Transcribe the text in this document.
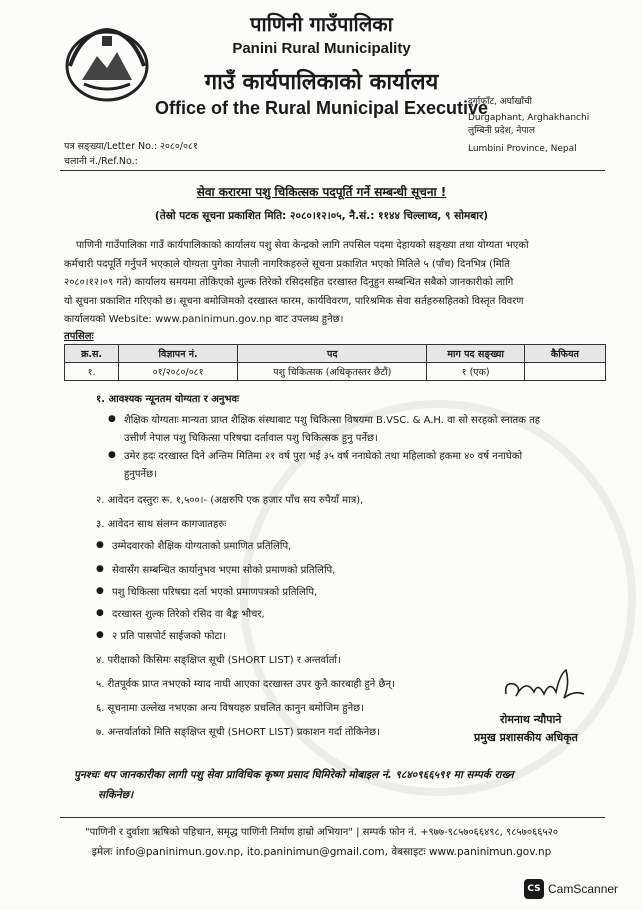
पाणिनी गाउँपालिका
Panini Rural Municipality
गाउँ कार्यपालिकाको कार्यालय
Office of the Rural Municipal Executive
दुर्गाफाँट, अर्घाखाँची
Durgaphant, Arghakhanchi
लुम्बिनी प्रदेश, नेपाल
Lumbini Province, Nepal
पत्र सङ्ख्या/Letter No.: २०८०/०८१
चलानी नं./Ref.No.:
सेवा करारमा पशु चिकित्सक पदपूर्ति गर्ने सम्बन्धी सूचना !
(तेस्रो पटक सूचना प्रकाशित मिति: २०८०।१२।०५, नै.सं.: ११४४ चिल्लाथ्व, ९ सोमबार)
पाणिनी गाउँपालिका गाउँ कार्यपालिकाको कार्यालय पशु सेवा केन्द्रको लागि तपसिल पदमा देहायको सङ्ख्या तथा योग्यता भएको
कर्मचारी पदपूर्ति गर्नुपर्ने भएकाले योग्यता पुगेका नेपाली नागरिकहरुले सूचना प्रकाशित भएको मितिले ५ (पाँच) दिनभित्र (मिति
२०८०।१२।०९ गते) कार्यालय समयमा तोकिएको शुल्क तिरेको रसिदसहित दरखास्त दिनुहुन सम्बन्धित सबैको जानकारीको लागि
यो सूचना प्रकाशित गरिएको छ। सूचना बमोजिमको दरखास्त फारम, कार्यविवरण, पारिश्रमिक सेवा सर्तहरुसहितको विस्तृत विवरण
कार्यालयको Website: www.paninimun.gov.np बाट उपलब्ध हुनेछ।
तपसिलः
क्र.स.	विज्ञापन नं.	पद	माग पद सङ्ख्या	कैफियत
१.	०१/२०८०/०८१	पशु चिकित्सक (अधिकृतस्तर छैटौं)	१ (एक)	
१. आवश्यक न्यूनतम योग्यता र अनुभवः
● शैक्षिक योग्यताः मान्यता प्राप्त शैक्षिक संस्थाबाट पशु चिकित्सा विषयमा B.VSC. & A.H. वा सो सरहको स्नातक तह
उत्तीर्ण नेपाल पशु चिकित्सा परिषद्मा दर्तावाल पशु चिकित्सक हुनु पर्नेछ।
● उमेर हदः दरखास्त दिने अन्तिम मितिमा २१ वर्ष पुरा भई ३५ वर्ष ननाघेको तथा महिलाको हकमा ४० वर्ष ननाघेको
हुनुपर्नेछ।
२. आवेदन दस्तुरः रू. १,५००।- (अक्षरुपि एक हजार पाँच सय रुपैयाँ मात्र),
३. आवेदन साथ संलग्न कागजातहरुः
● उम्मेदवारको शैक्षिक योग्यताको प्रमाणित प्रतिलिपि,
● सेवासँग सम्बन्धित कार्यानुभव भएमा सोको प्रमाणको प्रतिलिपि,
● पशु चिकित्सा परिषद्मा दर्ता भएको प्रमाणपत्रको प्रतिलिपि,
● दरखास्त शुल्क तिरेको रसिद वा बैङ्क भौचर,
● २ प्रति पासपोर्ट साईजको फोटा।
४. परीक्षाको किसिमः सङ्क्षिप्त सूची (SHORT LIST) र अन्तर्वार्ता।
५. रीतपूर्वक प्राप्त नभएको म्याद नाघी आएका दरखास्त उपर कुनै कारबाही हुने छैन्।
६. सूचनामा उल्लेख नभएका अन्य विषयहरु प्रचलित कानुन बमोजिम हुनेछ।
७. अन्तर्वार्ताको मिति सङ्क्षिप्त सूची (SHORT LIST) प्रकाशन गर्दा तोकिनेछ।
रोमनाथ न्यौपाने
प्रमुख प्रशासकीय अधिकृत
पुनश्चः थप जानकारीका लागी पशु सेवा प्राविधिक कृष्ण प्रसाद घिमिरेको मोबाइल नं. ९८४०९६६५९१ मा सम्पर्क राख्न
सकिनेछ।
"पाणिनी र दुर्वाशा ऋषिको पहिचान, समृद्ध पाणिनी निर्माण हाम्रो अभियान" | सम्पर्क फोन नं. +९७७-९८५७०६६४९८, ९८५७०६६५२०
इमेलः info@paninimun.gov.np, ito.paninimun@gmail.com, वेबसाइटः www.paninimun.gov.np
CS CamScanner
